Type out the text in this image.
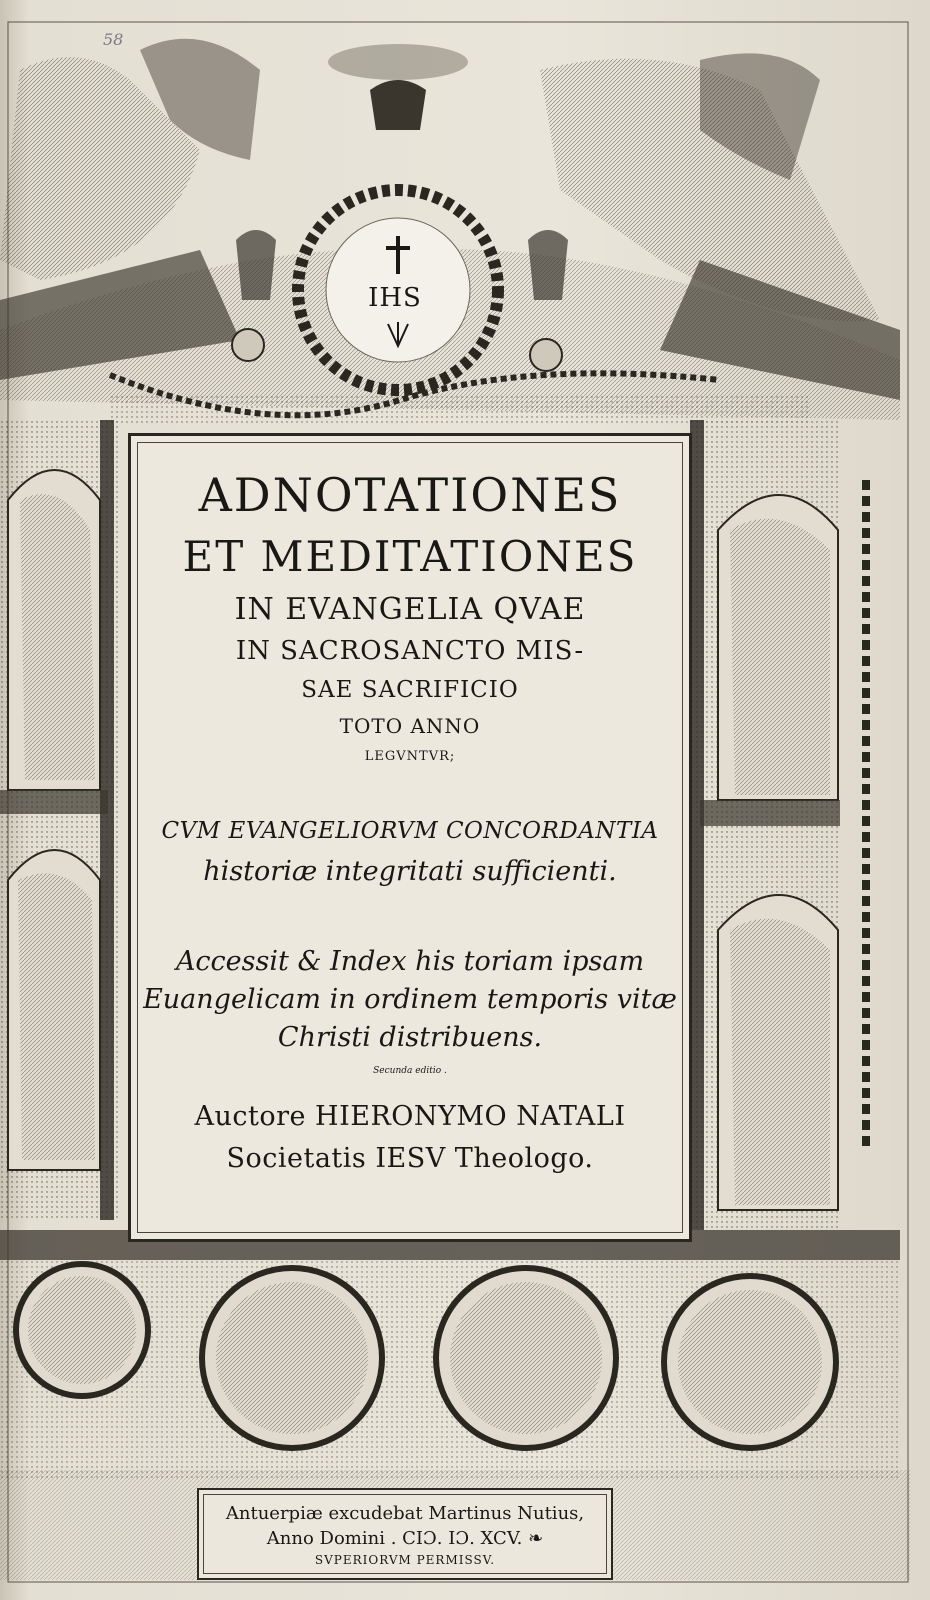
58
IHS
ADNOTATIONES
ET MEDITATIONES
IN EVANGELIA QVAE
IN SACROSANCTO MIS-
SAE SACRIFICIO
TOTO ANNO
LEGVNTVR;
CVM EVANGELIORVM CONCORDANTIA
historiæ integritati sufficienti.
Accessit & Index his toriam ipsam
Euangelicam in ordinem temporis vitæ
Christi distribuens.
Secunda editio .
Auctore HIERONYMO NATALI
Societatis IESV Theologo.
Antuerpiæ excudebat Martinus Nutius,
Anno Domini . CIƆ. IƆ. XCV. ❧
SVPERIORVM PERMISSV.
